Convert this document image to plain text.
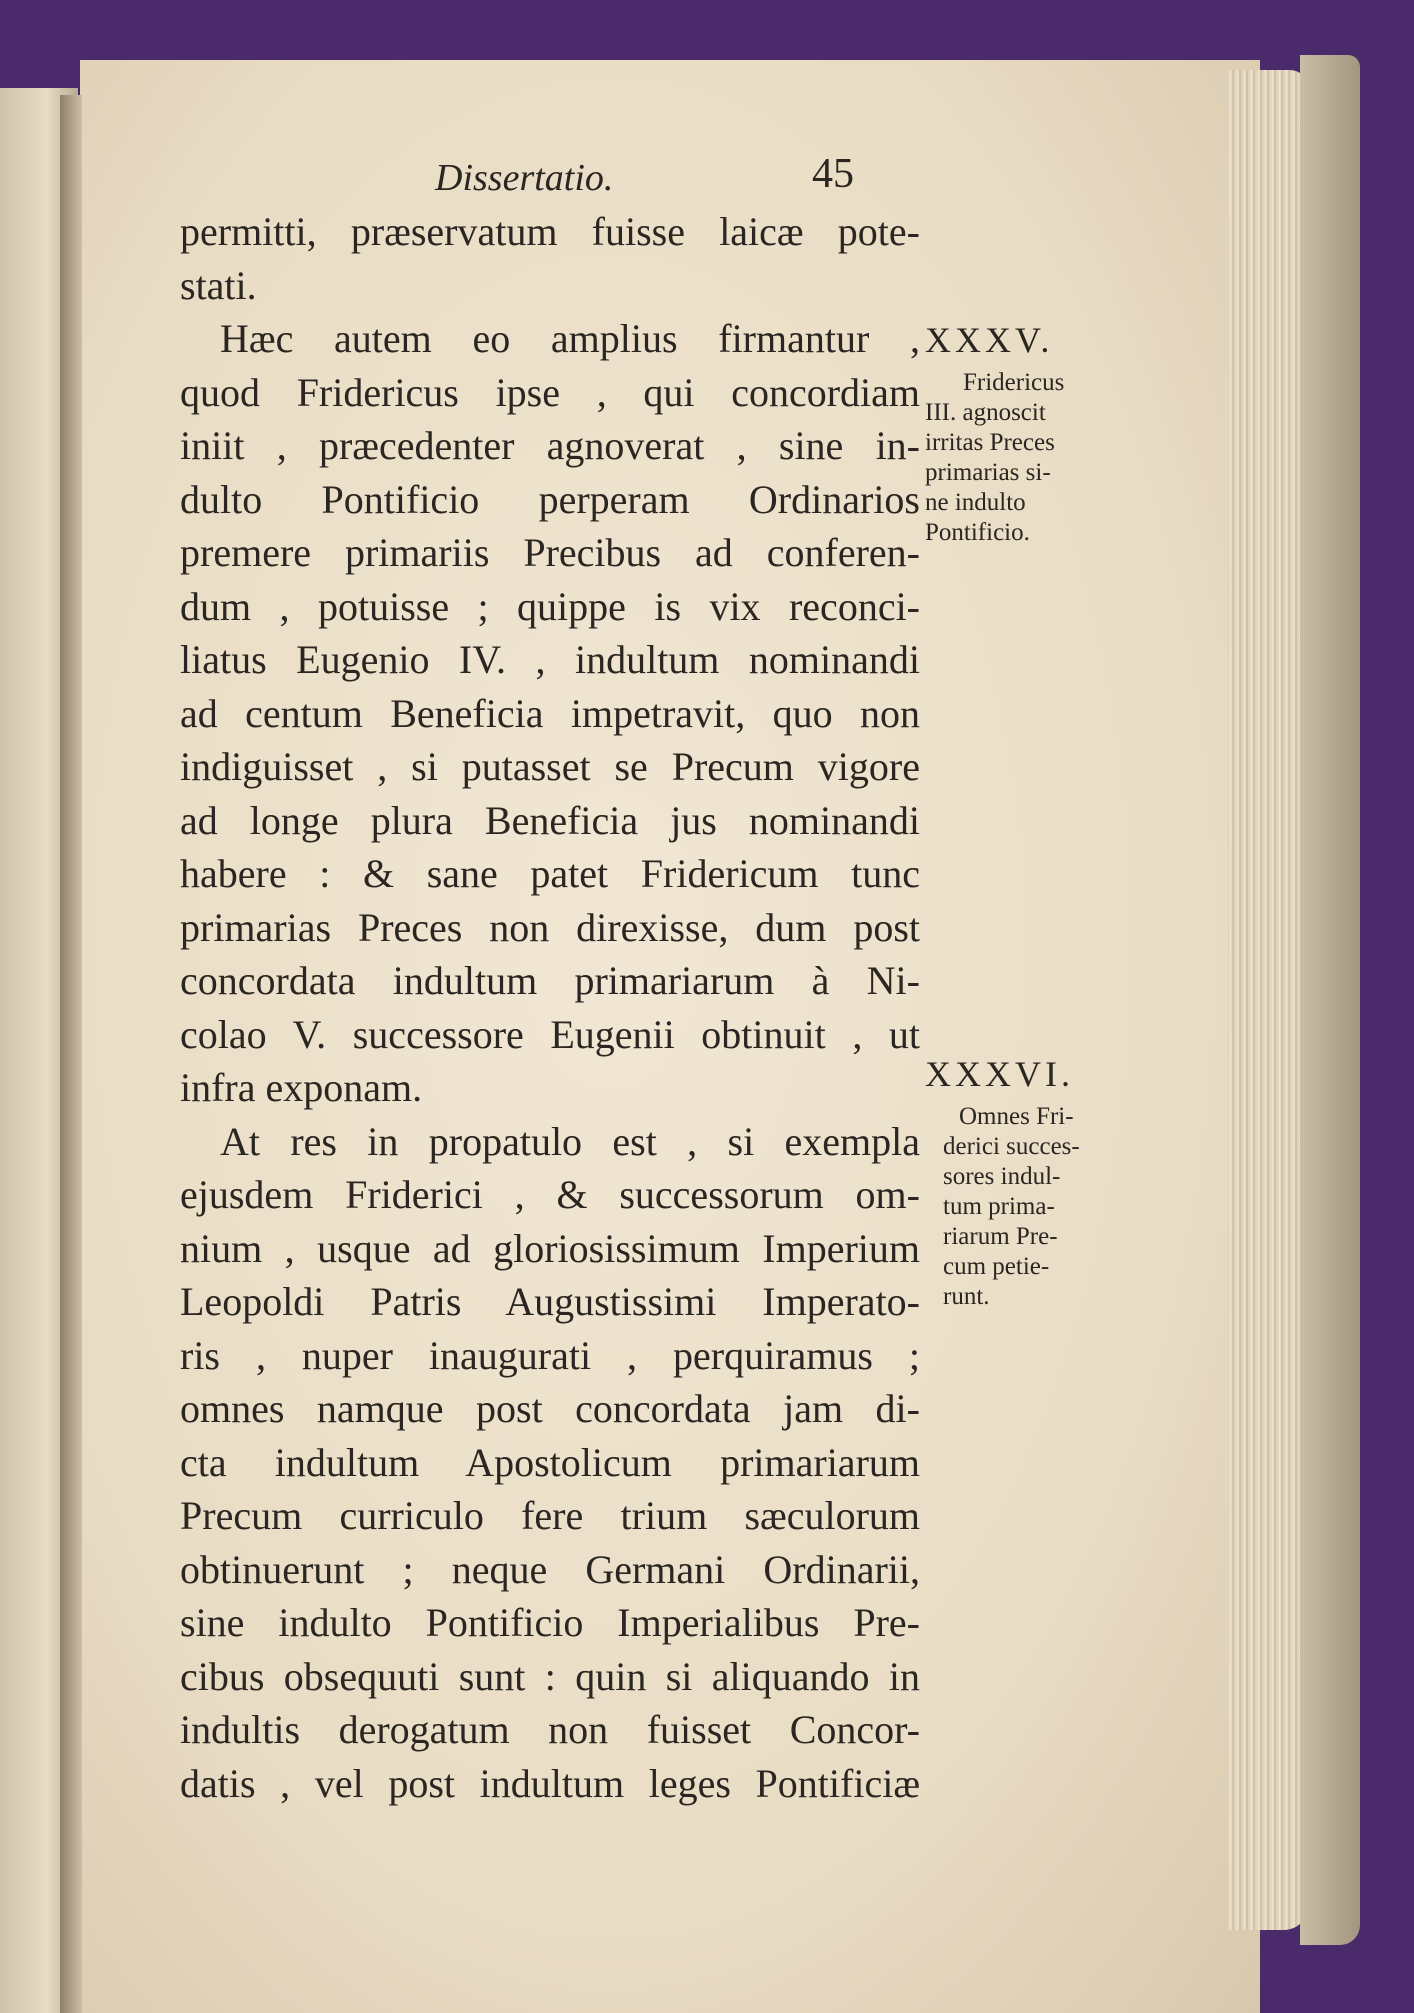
Dissertatio.	45
permitti, præservatum fuisse laicæ pote-
stati.
Hæc autem eo amplius firmantur ,
quod Fridericus ipse , qui concordiam
iniit , præcedenter agnoverat , sine in-
dulto Pontificio perperam Ordinarios
premere primariis Precibus ad conferen-
dum , potuisse ; quippe is vix reconci-
liatus Eugenio IV. , indultum nominandi
ad centum Beneficia impetravit, quo non
indiguisset , si putasset se Precum vigore
ad longe plura Beneficia jus nominandi
habere : & sane patet Fridericum tunc
primarias Preces non direxisse, dum post
concordata indultum primariarum à Ni-
colao V. successore Eugenii obtinuit , ut
infra exponam.
At res in propatulo est , si exempla
ejusdem Friderici , & successorum om-
nium , usque ad gloriosissimum Imperium
Leopoldi Patris Augustissimi Imperato-
ris , nuper inaugurati , perquiramus ;
omnes namque post concordata jam di-
cta indultum Apostolicum primariarum
Precum curriculo fere trium sæculorum
obtinuerunt ; neque Germani Ordinarii,
sine indulto Pontificio Imperialibus Pre-
cibus obsequuti sunt : quin si aliquando in
indultis derogatum non fuisset Concor-
datis , vel post indultum leges Pontificiæ
XXXV.
Fridericus
III. agnoscit
irritas Preces
primarias si-
ne indulto
Pontificio.
XXXVI.
Omnes Fri-
derici succes-
sores indul-
tum prima-
riarum Pre-
cum petie-
runt.
